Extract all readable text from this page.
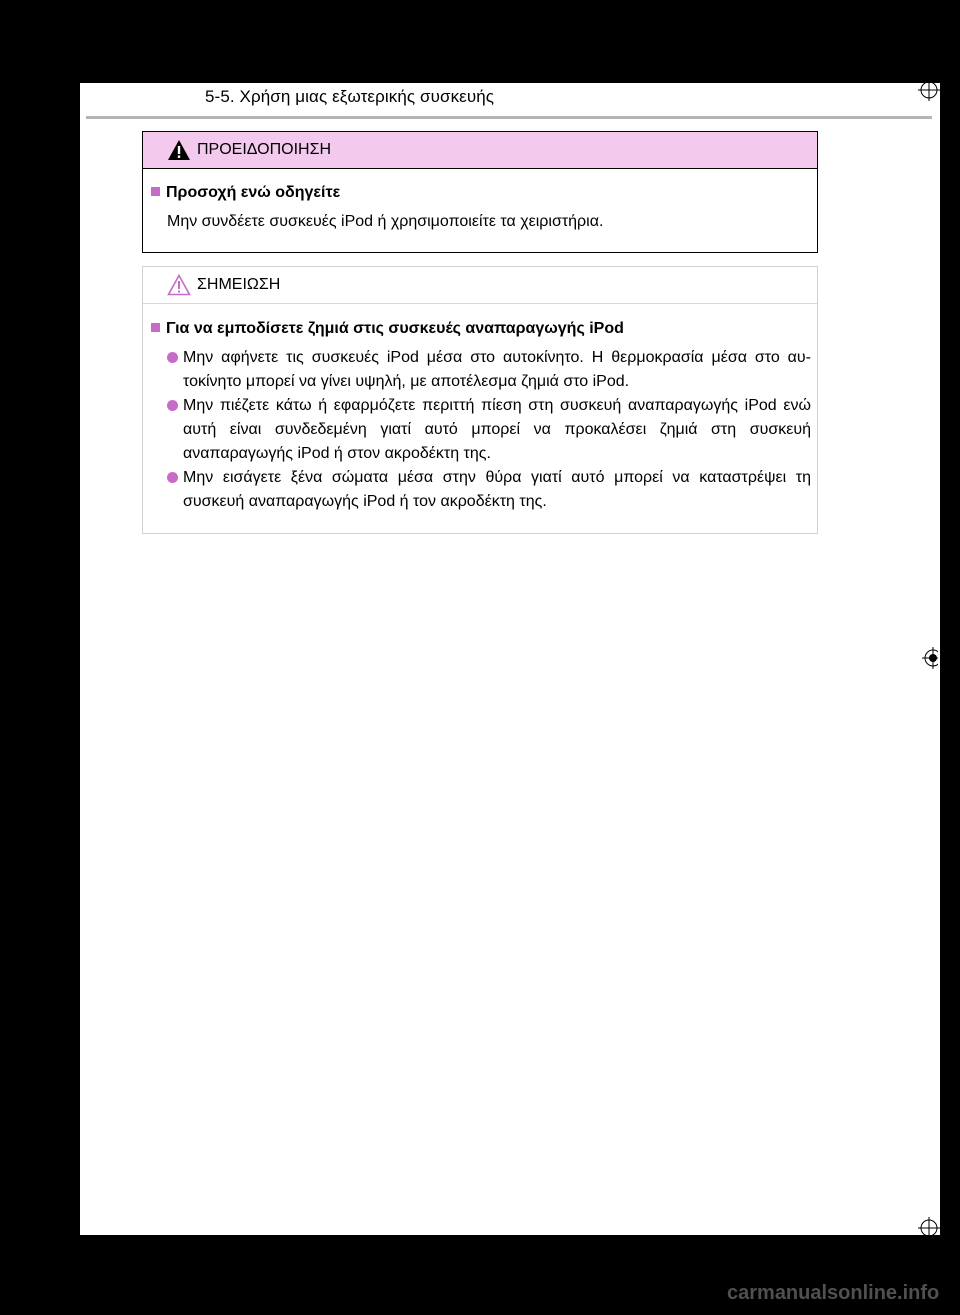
5-5. Χρήση μιας εξωτερικής συσκευής
ΠΡΟΕΙΔΟΠΟΙΗΣΗ
Προσοχή ενώ οδηγείτε
Μην συνδέετε συσκευές iPod ή χρησιμοποιείτε τα χειριστήρια.
ΣΗΜΕΙΩΣΗ
Για να εμποδίσετε ζημιά στις συσκευές αναπαραγωγής iPod
Μην αφήνετε τις συσκευές iPod μέσα στο αυτοκίνητο. Η θερμοκρασία μέσα στο αυ- τοκίνητο μπορεί να γίνει υψηλή, με αποτέλεσμα ζημιά στο iPod.
Μην πιέζετε κάτω ή εφαρμόζετε περιττή πίεση στη συσκευή αναπαραγωγής iPod ενώ αυτή είναι συνδεδεμένη γιατί αυτό μπορεί να προκαλέσει ζημιά στη συσκευή αναπαραγωγής iPod ή στον ακροδέκτη της.
Μην εισάγετε ξένα σώματα μέσα στην θύρα γιατί αυτό μπορεί να καταστρέψει τη συσκευή αναπαραγωγής iPod ή τον ακροδέκτη της.
carmanualsonline.info
